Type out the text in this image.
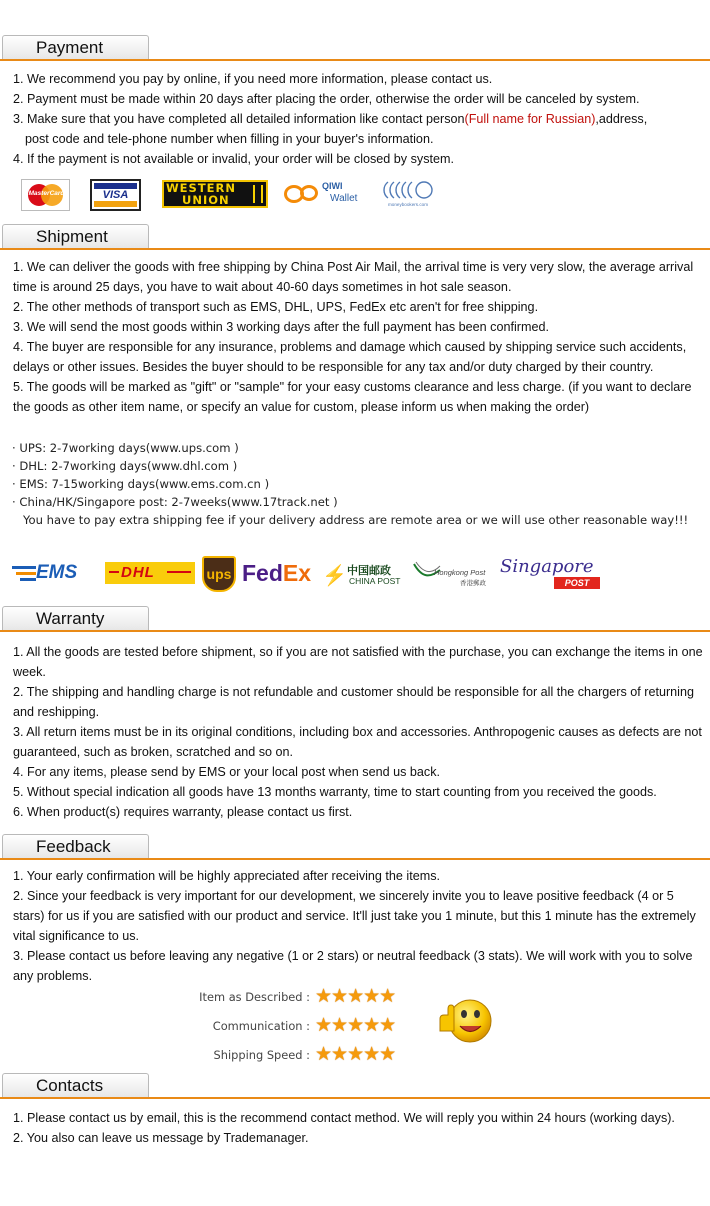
Payment

1. We recommend you pay by online, if you need more information, please contact us.

2. Payment must be made within 20 days after placing the order, otherwise the order will be canceled by system.

3. Make sure that you have completed all detailed information like contact person(Full name for Russian),address,

post code and tele-phone number when filling in your buyer's information.

4. If the payment is not available or invalid, your order will be closed by system.

MasterCard	VISA	WESTERN
UNION
QIWI
Wallet
moneybookers.com
Shipment

1. We can deliver the goods with free shipping by China Post Air Mail, the arrival time is very very slow, the average arrival time is around 25 days, you have to wait about 40-60 days sometimes in hot sale season.

2. The other methods of transport such as EMS, DHL, UPS, FedEx etc aren't for free shipping.

3. We will send the most goods within 3 working days after the full payment has been confirmed.

4. The buyer are responsible for any insurance, problems and damage which caused by shipping service such accidents, delays or other issues. Besides the buyer should to be responsible for any tax and/or duty charged by their country.

5. The goods will be marked as "gift" or "sample" for your easy customs clearance and less charge. (if you want to declare the goods as other item name, or specify an value for custom, please inform us when making the order)

· UPS: 2-7working days(www.ups.com )
· DHL: 2-7working days(www.dhl.com )
· EMS: 7-15working days(www.ems.com.cn )
· China/HK/Singapore post: 2-7weeks(www.17track.net )
You have to pay extra shipping fee if your delivery address are remote area or we will use other reasonable way!!!
EMS	DHL	ups FedEx ⚡ 中国邮政
CHINA POST
Hongkong Post
香港郵政
Singapore
POST
Warranty

1. All the goods are tested before shipment, so if you are not satisfied with the purchase, you can exchange the items in one week.

2. The shipping and handling charge is not refundable and customer should be responsible for all the chargers of returning and reshipping.

3. All return items must be in its original conditions, including box and accessories. Anthropogenic causes as defects are not guaranteed, such as broken, scratched and so on.

4. For any items, please send by EMS or your local post when send us back.

5. Without special indication all goods have 13 months warranty, time to start counting from you received the goods.

6. When product(s) requires warranty, please contact us first.

Feedback

1. Your early confirmation will be highly appreciated after receiving the items.

2. Since your feedback is very important for our development, we sincerely invite you to leave positive feedback (4 or 5 stars) for us if you are satisfied with our product and service. It'll just take you 1 minute, but this 1 minute has the extremely vital significance to us.

3. Please contact us before leaving any negative (1 or 2 stars) or neutral feedback (3 stats). We will work with you to solve any problems.

Item as Described : ★★★★★
Communication : ★★★★★
Shipping Speed : ★★★★★
Contacts

1. Please contact us by email, this is the recommend contact method. We will reply you within 24 hours (working days).

2. You also can leave us message by Trademanager.
